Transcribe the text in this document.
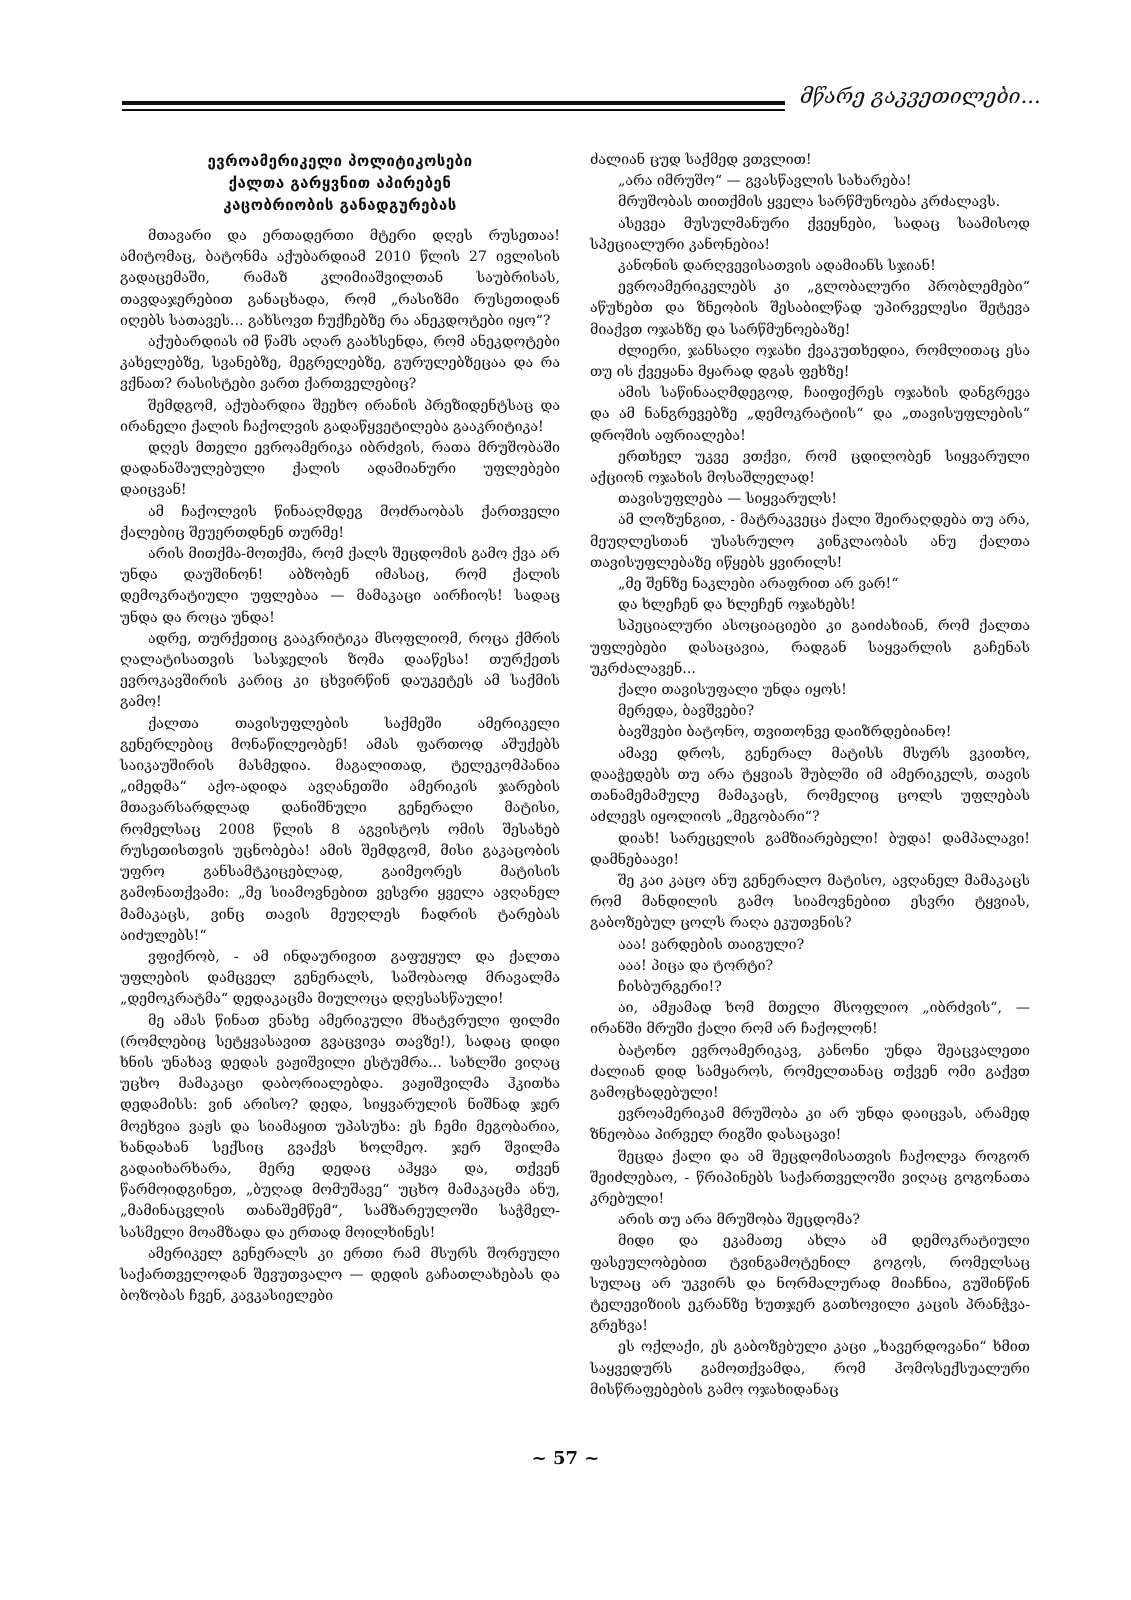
მწარე გაკვეთილები...
ევროამერიკელი პოლიტიკოსები
ქალთა გარყვნით აპირებენ
კაცობრიობის განადგურებას

მთავარი და ერთადერთი მტერი დღეს რუსეთაა! ამიტომაც, ბატონმა აქუბარდიამ 2010 წლის 27 ივლისის გადაცემაში, რამაზ კლიმიაშვილთან საუბრისას, თავდაჯერებით განაცხადა, რომ „რასიზმი რუსეთიდან იღებს სათავეს... გახსოვთ ჩუქჩებზე რა ანეკდოტები იყო“?

აქუბარდიას იმ წამს აღარ გაახსენდა, რომ ანეკდოტები კახელებზე, სვანებზე, მეგრელებზე, გურულებზეცაა და რა ვქნათ? რასისტები ვართ ქართველებიც?

შემდგომ, აქუბარდია შეეხო ირანის პრეზიდენტსაც და ირანელი ქალის ჩაქოლვის გადაწყვეტილება გააკრიტიკა!

დღეს მთელი ევროამერიკა იბრძვის, რათა მრუშობაში დადანაშაულებული ქალის ადამიანური უფლებები დაიცვან!

ამ ჩაქოლვის წინააღმდეგ მოძრაობას ქართველი ქალებიც შეუერთდნენ თურმე!

არის მითქმა-მოთქმა, რომ ქალს შეცდომის გამო ქვა არ უნდა დაუშინონ! აბზობენ იმასაც, რომ ქალის დემოკრატიული უფლებაა — მამაკაცი აირჩიოს! სადაც უნდა და როცა უნდა!

ადრე, თურქეთიც გააკრიტიკა მსოფლიომ, როცა ქმრის ღალატისათვის სასჯელის ზომა დააწესა! თურქეთს ევროკავშირის კარიც კი ცხვირწინ დაუკეტეს ამ საქმის გამო!

ქალთა თავისუფლების საქმეში ამერიკელი გენერლებიც მონაწილეობენ! ამას ფართოდ აშუქებს საიკაუშირის მასმედია. მაგალითად, ტელეკომპანია „იმედმა“ აქო-ადიდა ავღანეთში ამერიკის ჯარების მთავარსარდლად დანიშნული გენერალი მატისი, რომელსაც 2008 წლის 8 აგვისტოს ომის შესახებ რუსეთისთვის უცნობება! ამის შემდგომ, მისი გაკაცობის უფრო განსამტკიცებლად, გაიმეორეს მატისის გამონათქვამი: „მე სიამოვნებით ვესვრი ყველა ავღანელ მამაკაცს, ვინც თავის მეუღლეს ჩადრის ტარებას აიძულებს!“

ვფიქრობ, - ამ ინდაურივით გაფუყულ და ქალთა უფლების დამცველ გენერალს, საშობაოდ მრავალმა „დემოკრატმა“ დედაკაცმა მიულოცა დღესასწაული!

მე ამას წინათ ვნახე ამერიკული მხატვრული ფილმი (რომლებიც სეტყვასავით გვაცვივა თავზე!), სადაც დიდი ხნის უნახავ დედას ვაჟიშვილი ესტუმრა... სახლში ვიღაც უცხო მამაკაცი დაბორიალებდა. ვაჟიშვილმა ჰკითხა დედამისს: ვინ არისო? დედა, სიყვარულის ნიშნად ჯერ მოეხვია ვაჟს და სიამაყით უპასუხა: ეს ჩემი მეგობარია, ხანდახან სექსიც გვაქვს ხოლმეო. ჯერ შვილმა გადაიხარხარა, მერე დედაც აჰყვა და, თქვენ წარმოიდგინეთ, „ბუღად მომუშავე“ უცხო მამაკაცმა ანუ, „მამინაცვლის თანაშემწემ“, სამზარეულოში საჭმელ-სასმელი მოამზადა და ერთად მოილხინეს!

ამერიკელ გენერალს კი ერთი რამ მსურს შორეული საქართველოდან შევუთვალო — დედის გაჩათლახებას და ბოზობას ჩვენ, კავკასიელები

ძალიან ცუდ საქმედ ვთვლით!

„არა იმრუშო“ — გვასწავლის სახარება!

მრუშობას თითქმის ყველა სარწმუნოება კრძალავს.

ასევეა მუსულმანური ქვეყნები, სადაც საამისოდ სპეციალური კანონებია!

კანონის დარღვევისათვის ადამიანს სჯიან!

ევროამერიკელებს კი „გლობალური პრობლემები“ აწუხებთ და ზნეობის შესაბილწად უპირველესი შეტევა მიაქვთ ოჯახზე და სარწმუნოებაზე!

ძლიერი, ჯანსაღი ოჯახი ქვაკუთხედია, რომლითაც ესა თუ ის ქვეყანა მყარად დგას ფეხზე!

ამის საწინააღმდეგოდ, ჩაიფიქრეს ოჯახის დანგრევა და ამ ნანგრევებზე „დემოკრატიის“ და „თავისუფლების“ დროშის აფრიალება!

ერთხელ უკვე ვთქვი, რომ ცდილობენ სიყვარული აქციონ ოჯახის მოსაშლელად!

თავისუფლება — სიყვარულს!

ამ ლოზუნგით, - მატრაკვეცა ქალი შეირაღდება თუ არა, მეუღლესთან უსასრულო კინკლაობას ანუ ქალთა თავისუფლებაზე იწყებს ყვირილს!

„მე შენზე ნაკლები არაფრით არ ვარ!“

და ხლეჩენ და ხლეჩენ ოჯახებს!

სპეციალური ასოციაციები კი გაიძახიან, რომ ქალთა უფლებები დასაცავია, რადგან საყვარლის გაჩენას უკრძალავენ...

ქალი თავისუფალი უნდა იყოს!

მერედა, ბავშვები?

ბავშვები ბატონო, თვითონვე დაიზრდებიანო!

ამავე დროს, გენერალ მატისს მსურს ვკითხო, დააჭედებს თუ არა ტყვიას შუბლში იმ ამერიკელს, თავის თანამემამულე მამაკაცს, რომელიც ცოლს უფლებას აძლევს იყოლიოს „მეგობარი“?

დიახ! სარეცელის გამზიარებელი! ბუდა! დამპალავი! დამნებაავი!

შე კაი კაცო ანუ გენერალო მატისო, ავღანელ მამაკაცს რომ მანდილის გამო სიამოვნებით ესვრი ტყვიას, გაბოზებულ ცოლს რაღა ეკუთვნის?

ააა! ვარდების თაიგული?

ააა! პიცა და ტორტი?

ჩისბურგერი!?

აი, ამჟამად ხომ მთელი მსოფლიო „იბრძვის“, — ირანში მრუში ქალი რომ არ ჩაქოლონ!

ბატონო ევროამერიკავ, კანონი უნდა შეაცვალეთი ძალიან დიდ სამყაროს, რომელთანაც თქვენ ომი გაქვთ გამოცხადებული!

ევროამერიკამ მრუშობა კი არ უნდა დაიცვას, არამედ ზნეობაა პირველ რიგში დასაცავი!

შეცდა ქალი და ამ შეცდომისათვის ჩაქოლვა როგორ შეიძლებაო, - წრიპინებს საქართველოში ვიღაც გოგონათა კრებული!

არის თუ არა მრუშობა შეცდომა?

მიდი და ეკამათე ახლა ამ დემოკრატიული ფასეულობებით ტვინგამოტენილ გოგოს, რომელსაც სულაც არ უკვირს და ნორმალურად მიაჩნია, გუშინწინ ტელევიზიის ეკრანზე ხუთჯერ გათხოვილი კაცის პრანჭვა-გრეხვა!

ეს ოქლაქი, ეს გაბოზებული კაცი „ხავერდოვანი“ ხმით საყვედურს გამოთქვამდა, რომ ჰომოსექსუალური მისწრაფებების გამო ოჯახიდანაც

~ 57 ~
